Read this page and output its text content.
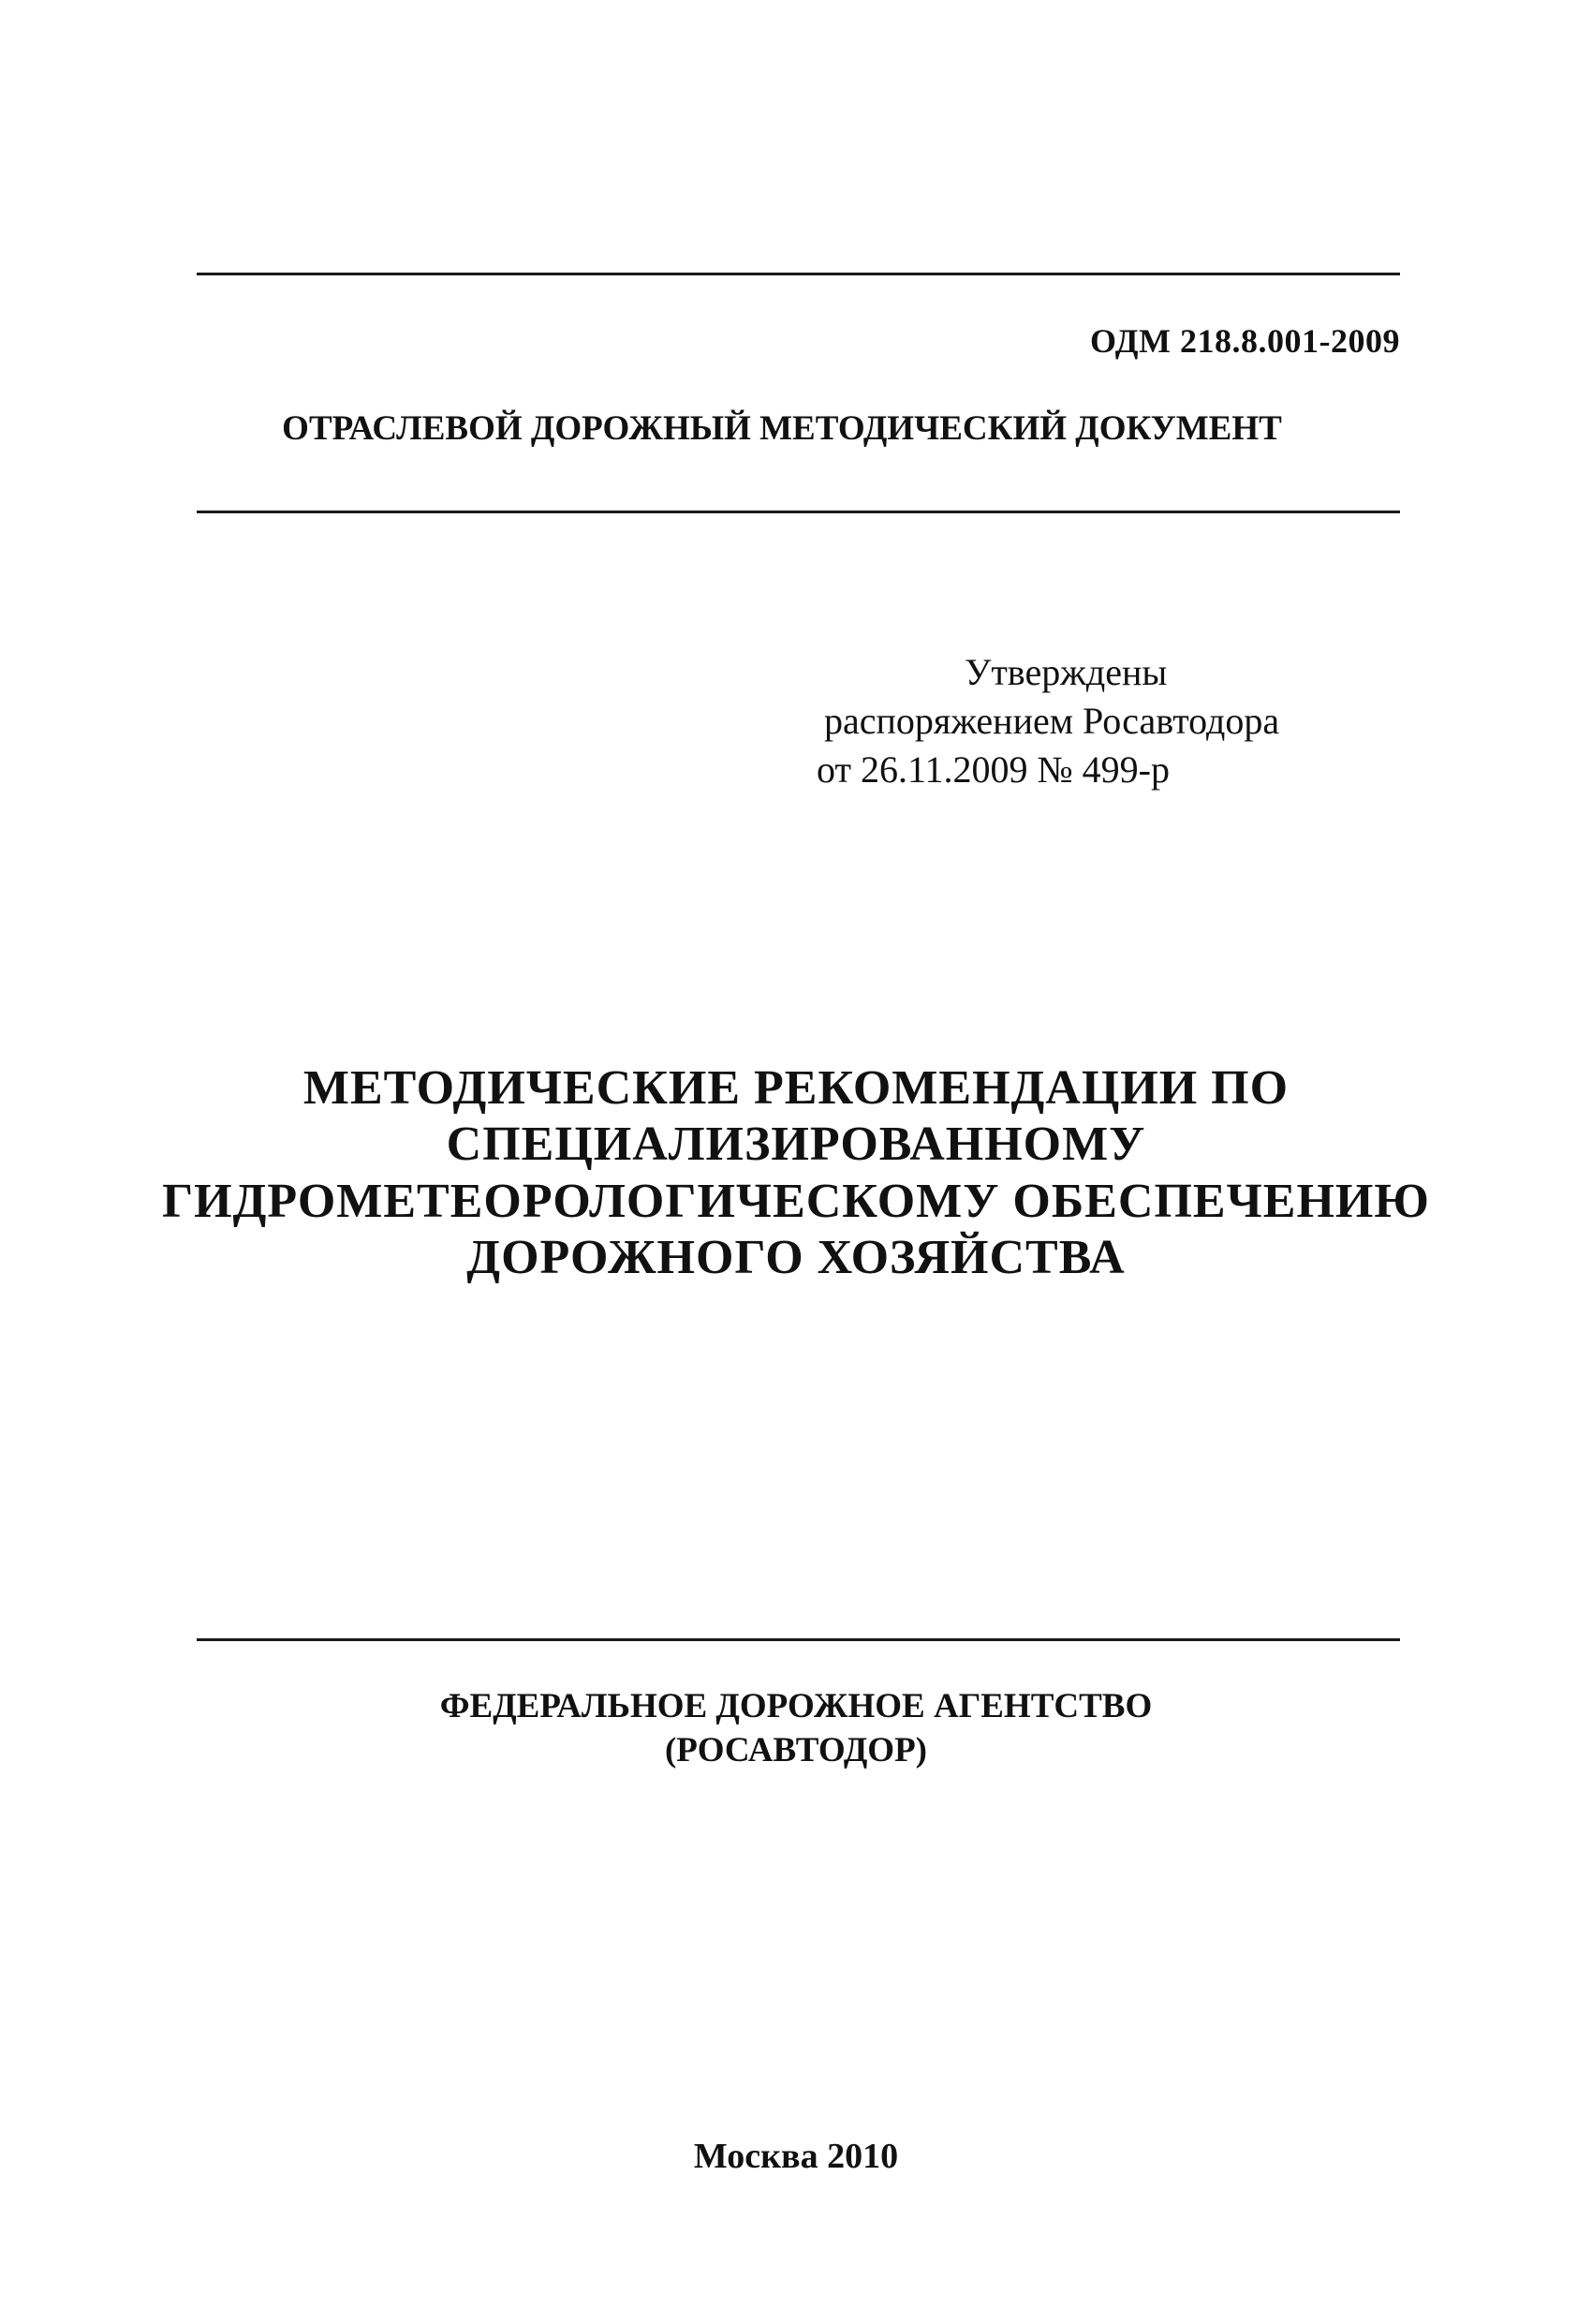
ОДМ 218.8.001-2009
ОТРАСЛЕВОЙ ДОРОЖНЫЙ МЕТОДИЧЕСКИЙ ДОКУМЕНТ
Утверждены
распоряжением Росавтодора
от 26.11.2009 № 499-р
МЕТОДИЧЕСКИЕ РЕКОМЕНДАЦИИ ПО
СПЕЦИАЛИЗИРОВАННОМУ
ГИДРОМЕТЕОРОЛОГИЧЕСКОМУ ОБЕСПЕЧЕНИЮ
ДОРОЖНОГО ХОЗЯЙСТВА
ФЕДЕРАЛЬНОЕ ДОРОЖНОЕ АГЕНТСТВО
(РОСАВТОДОР)
Москва 2010
